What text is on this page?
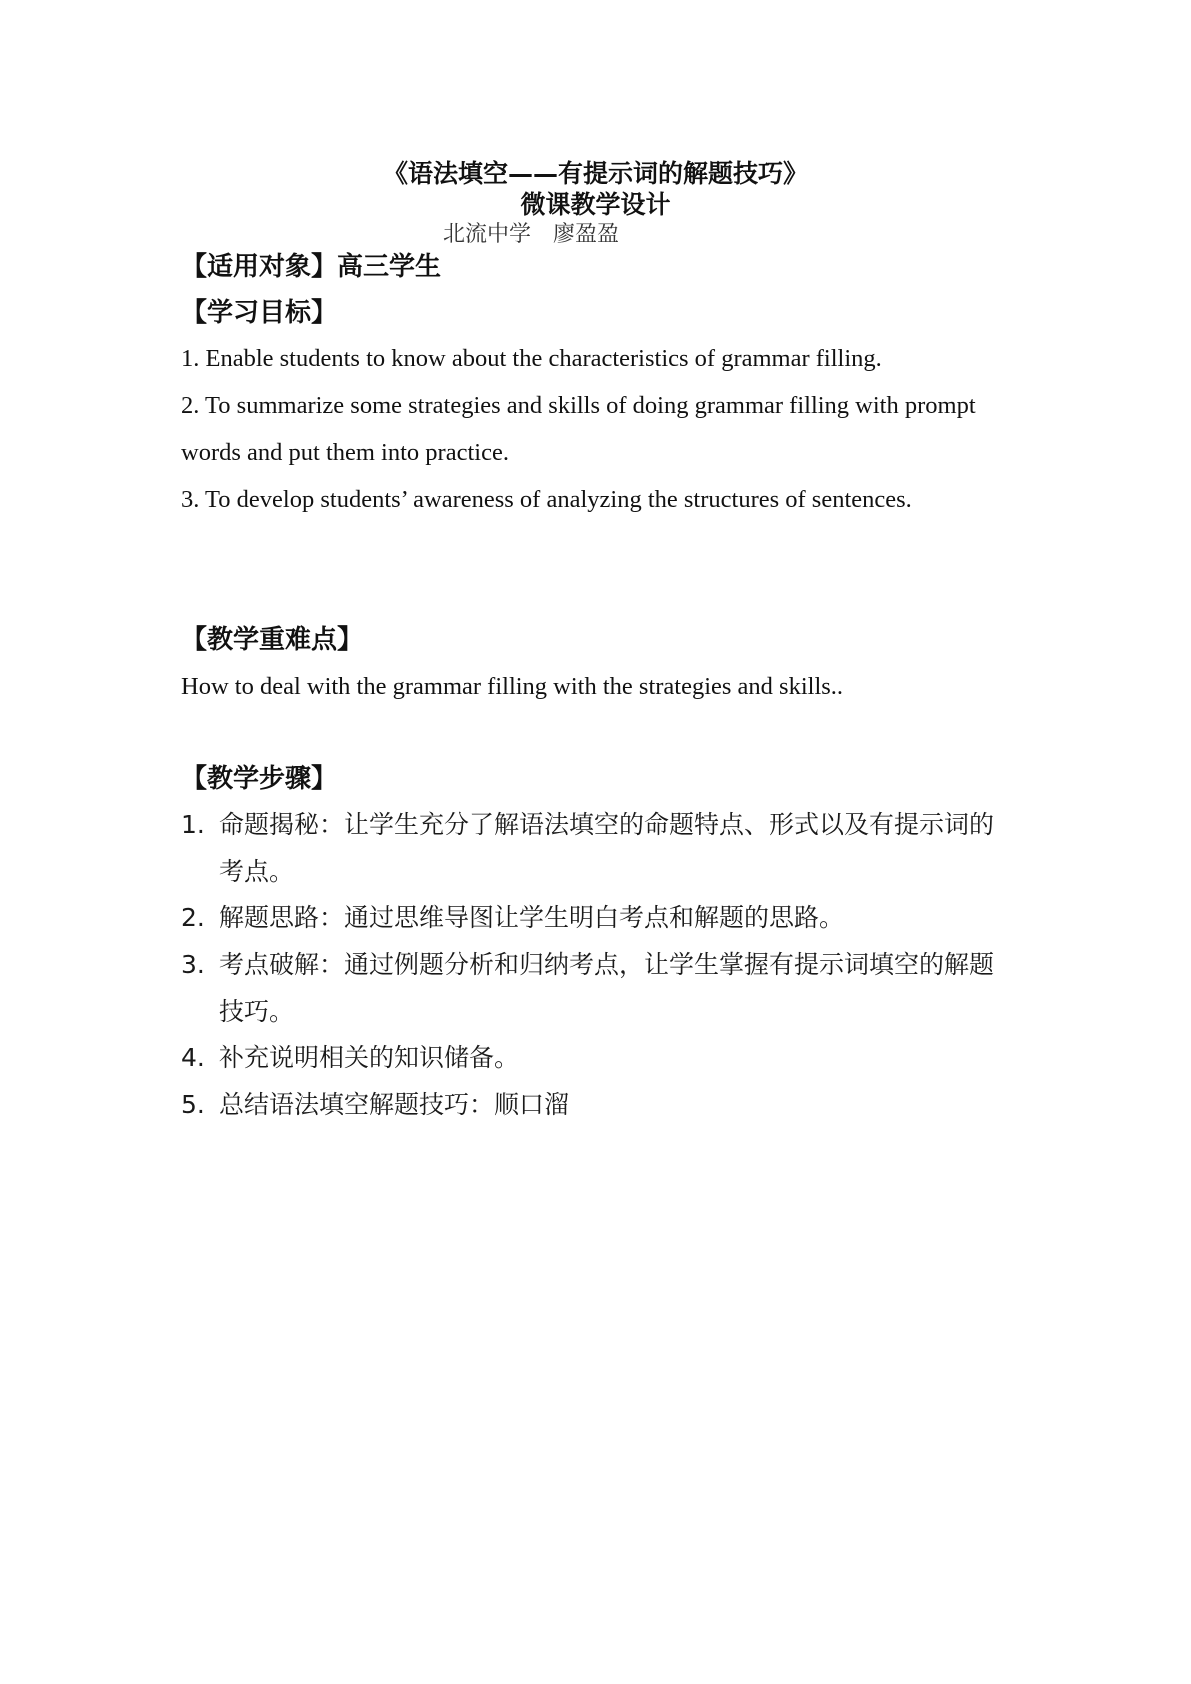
《语法填空——有提示词的解题技巧》
微课教学设计
北流中学　廖盈盈
【适用对象】高三学生
【学习目标】

1. Enable students to know about the characteristics of grammar filling.

2. To summarize some strategies and skills of doing grammar filling with prompt words and put them into practice.

3. To develop students’ awareness of analyzing the structures of sentences.

【教学重难点】

How to deal with the grammar filling with the strategies and skills..

【教学步骤】
1. 命题揭秘：让学生充分了解语法填空的命题特点、形式以及有提示词的考点。
2. 解题思路：通过思维导图让学生明白考点和解题的思路。
3. 考点破解：通过例题分析和归纳考点，让学生掌握有提示词填空的解题技巧。
4. 补充说明相关的知识储备。
5. 总结语法填空解题技巧：顺口溜
